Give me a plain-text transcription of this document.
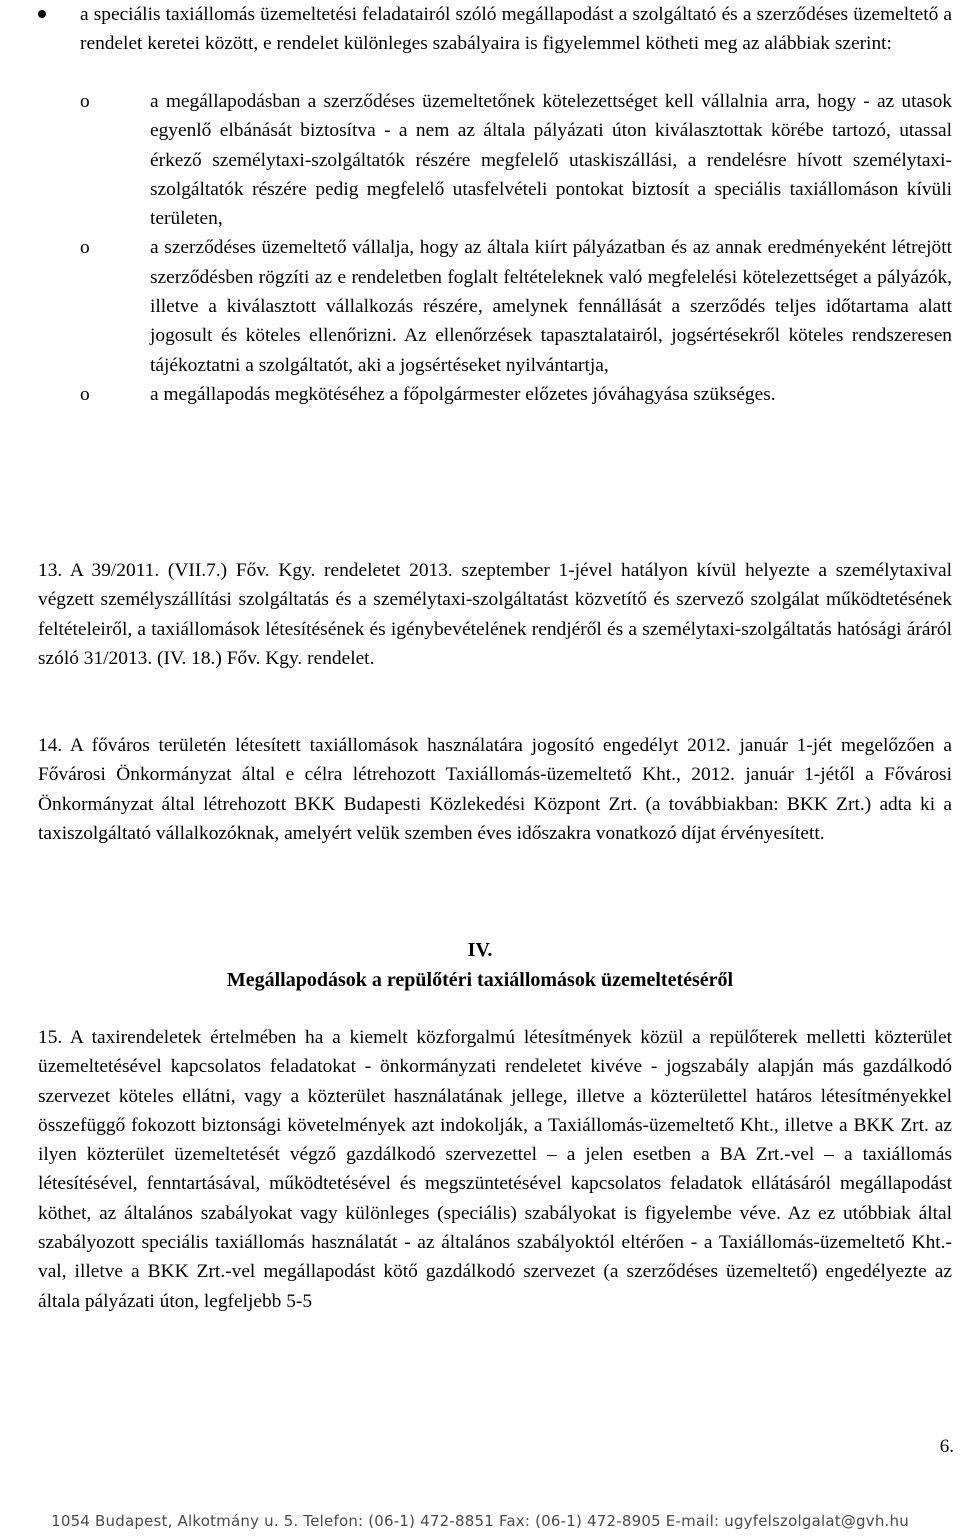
a speciális taxiállomás üzemeltetési feladatairól szóló megállapodást a szolgáltató és a szerződéses üzemeltető a rendelet keretei között, e rendelet különleges szabályaira is figyelemmel kötheti meg az alábbiak szerint:
o	a megállapodásban a szerződéses üzemeltetőnek kötelezettséget kell vállalnia arra, hogy - az utasok egyenlő elbánását biztosítva - a nem az általa pályázati úton kiválasztottak körébe tartozó, utassal érkező személytaxi-szolgáltatók részére megfelelő utaskiszállási, a rendelésre hívott személytaxi-szolgáltatók részére pedig megfelelő utasfelvételi pontokat biztosít a speciális taxiállomáson kívüli területen,
o	a szerződéses üzemeltető vállalja, hogy az általa kiírt pályázatban és az annak eredményeként létrejött szerződésben rögzíti az e rendeletben foglalt feltételeknek való megfelelési kötelezettséget a pályázók, illetve a kiválasztott vállalkozás részére, amelynek fennállását a szerződés teljes időtartama alatt jogosult és köteles ellenőrizni. Az ellenőrzések tapasztalatairól, jogsértésekről köteles rendszeresen tájékoztatni a szolgáltatót, aki a jogsértéseket nyilvántartja,
o	a megállapodás megkötéséhez a főpolgármester előzetes jóváhagyása szükséges.
13. A 39/2011. (VII.7.) Főv. Kgy. rendeletet 2013. szeptember 1-jével hatályon kívül helyezte a személytaxival végzett személyszállítási szolgáltatás és a személytaxi-szolgáltatást közvetítő és szervező szolgálat működtetésének feltételeiről, a taxiállomások létesítésének és igénybevételének rendjéről és a személytaxi-szolgáltatás hatósági áráról szóló 31/2013. (IV. 18.) Főv. Kgy. rendelet.
14. A főváros területén létesített taxiállomások használatára jogosító engedélyt 2012. január 1-jét megelőzően a Fővárosi Önkormányzat által e célra létrehozott Taxiállomás-üzemeltető Kht., 2012. január 1-jétől a Fővárosi Önkormányzat által létrehozott BKK Budapesti Közlekedési Központ Zrt. (a továbbiakban: BKK Zrt.) adta ki a taxiszolgáltató vállalkozóknak, amelyért velük szemben éves időszakra vonatkozó díjat érvényesített.
IV.
Megállapodások a repülőtéri taxiállomások üzemeltetéséről
15. A taxirendeletek értelmében ha a kiemelt közforgalmú létesítmények közül a repülőterek melletti közterület üzemeltetésével kapcsolatos feladatokat - önkormányzati rendeletet kivéve - jogszabály alapján más gazdálkodó szervezet köteles ellátni, vagy a közterület használatának jellege, illetve a közterülettel határos létesítményekkel összefüggő fokozott biztonsági követelmények azt indokolják, a Taxiállomás-üzemeltető Kht., illetve a BKK Zrt. az ilyen közterület üzemeltetését végző gazdálkodó szervezettel – a jelen esetben a BA Zrt.-vel – a taxiállomás létesítésével, fenntartásával, működtetésével és megszüntetésével kapcsolatos feladatok ellátásáról megállapodást köthet, az általános szabályokat vagy különleges (speciális) szabályokat is figyelembe véve. Az ez utóbbiak által szabályozott speciális taxiállomás használatát - az általános szabályoktól eltérően - a Taxiállomás-üzemeltető Kht.-val, illetve a BKK Zrt.-vel megállapodást kötő gazdálkodó szervezet (a szerződéses üzemeltető) engedélyezte az általa pályázati úton, legfeljebb 5-5
6.
1054 Budapest, Alkotmány u. 5. Telefon: (06-1) 472-8851 Fax: (06-1) 472-8905 E-mail: ugyfelszolgalat@gvh.hu
